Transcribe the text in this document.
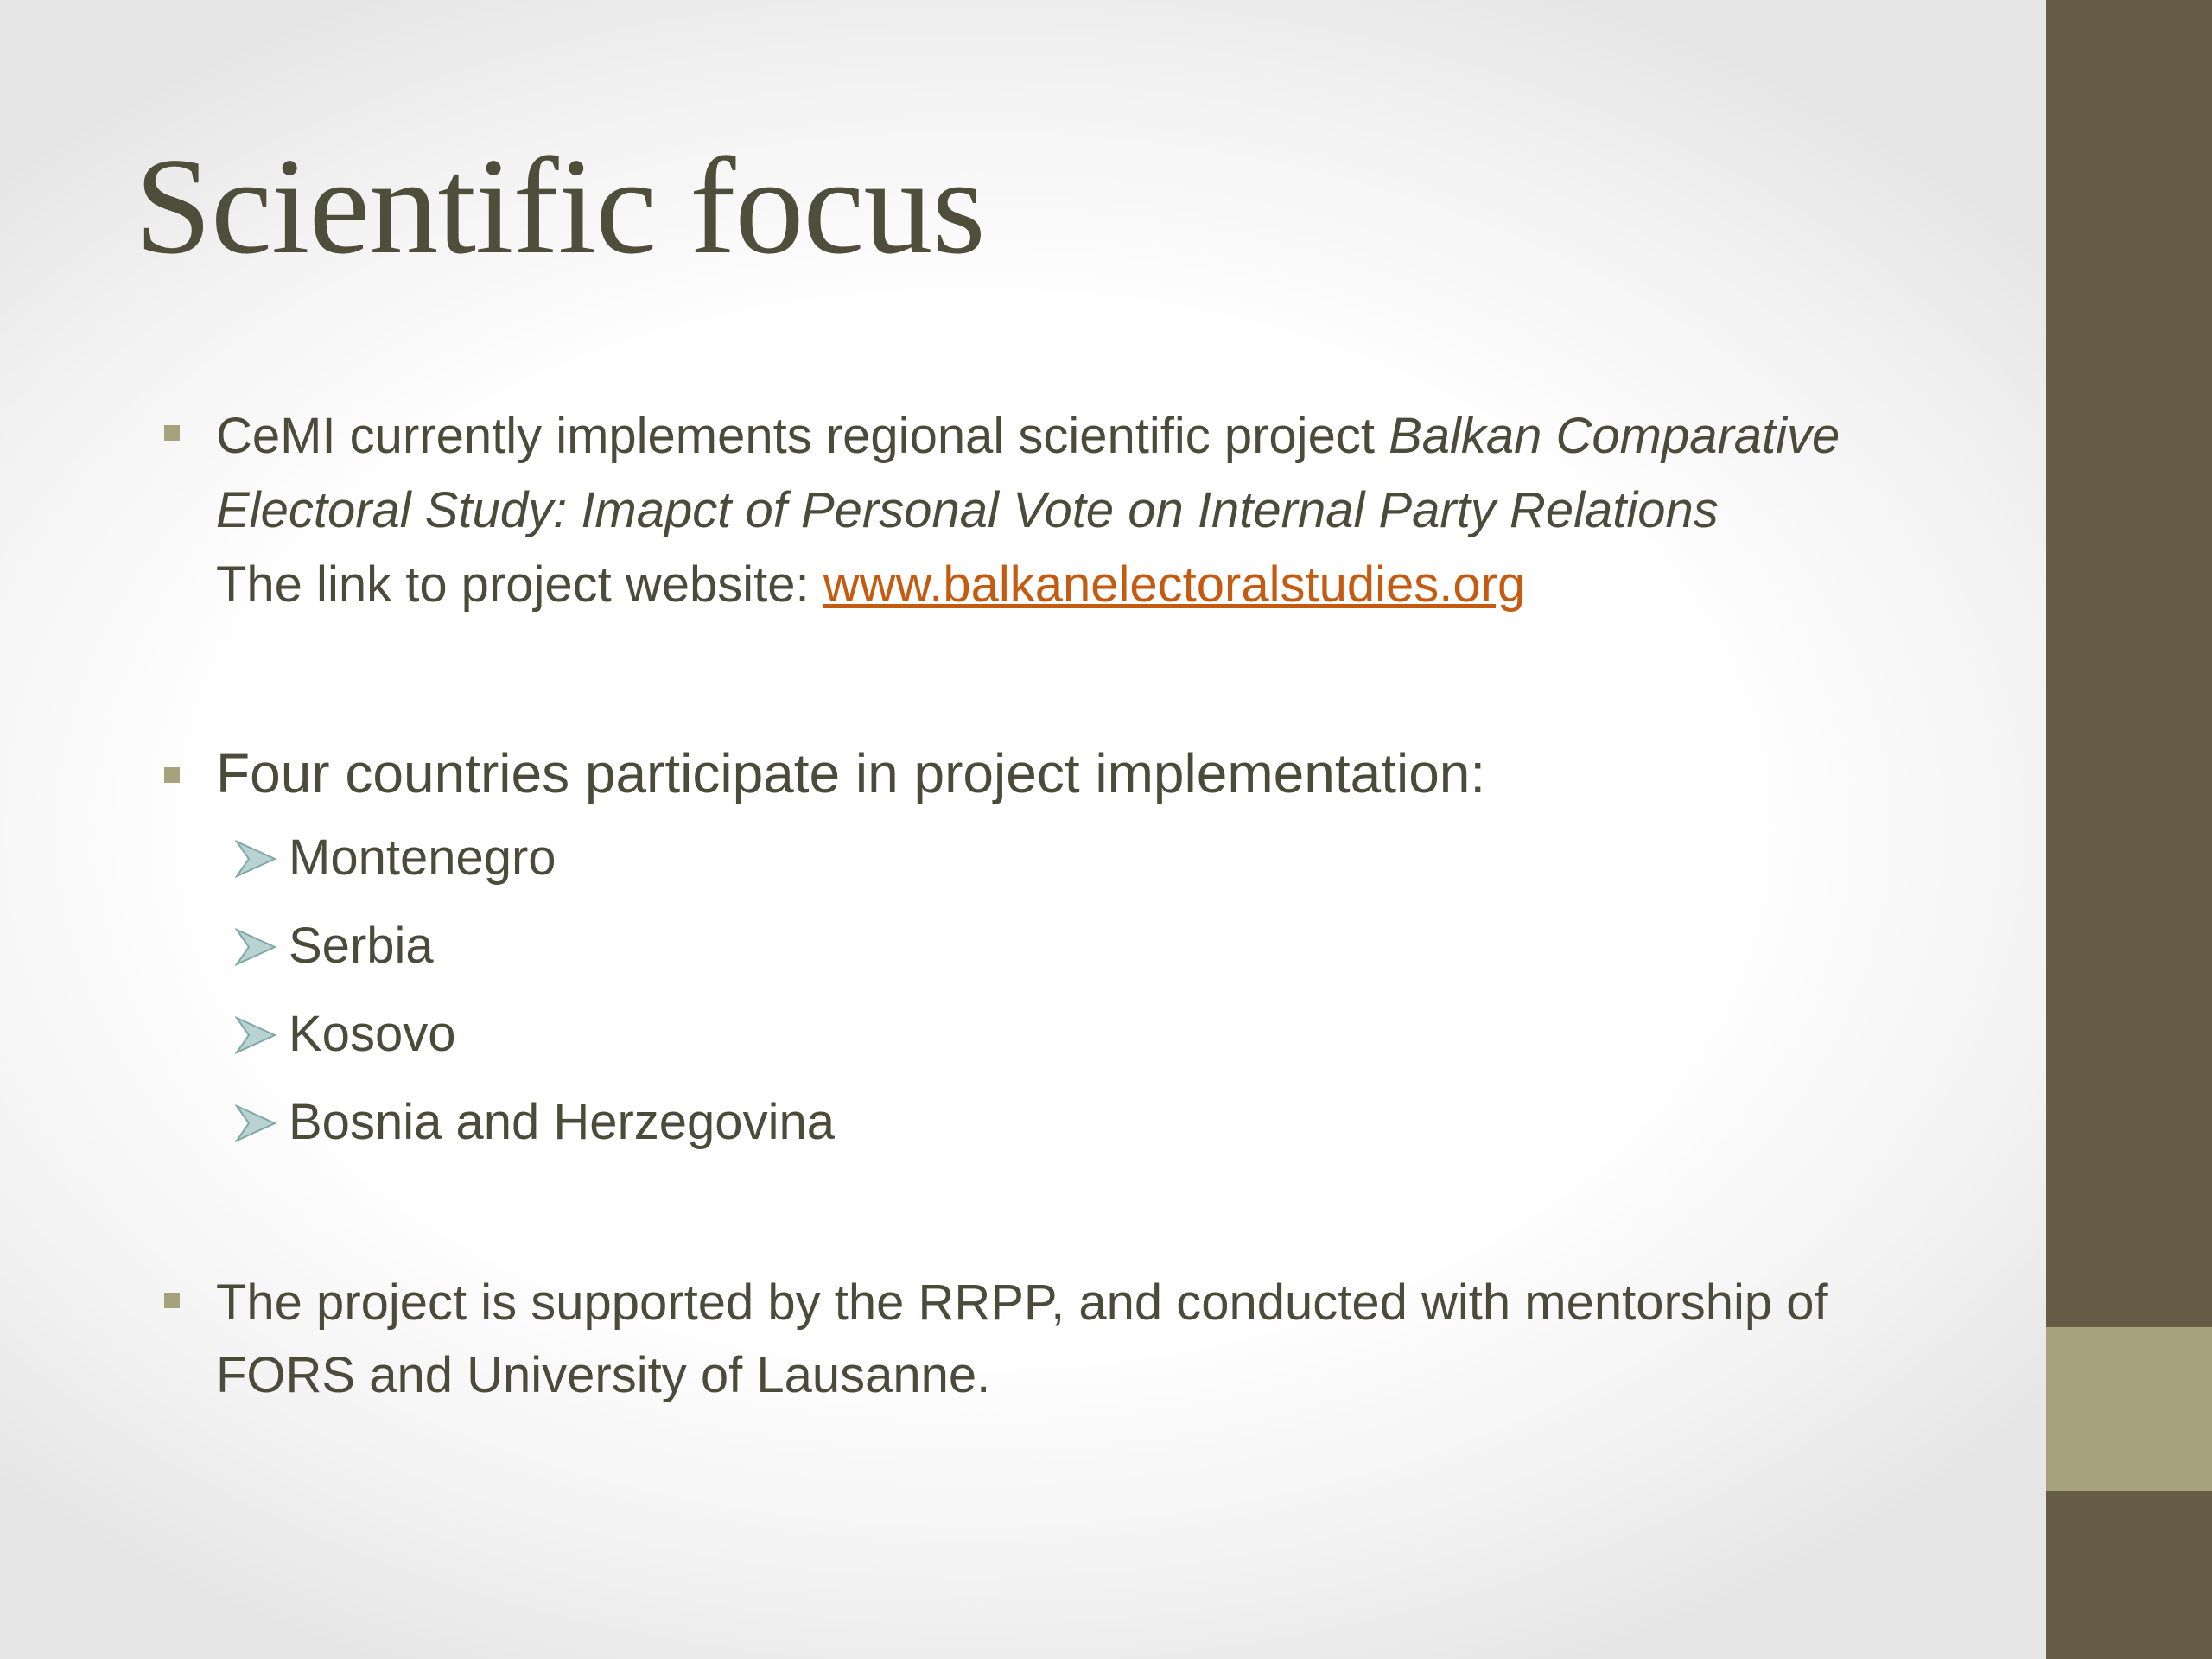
Scientific focus
CeMI currently implements regional scientific project Balkan Comparative Electoral Study: Imapct of Personal Vote on Internal Party Relations
The link to project website: www.balkanelectoralstudies.org
Four countries participate in project implementation:
Montenegro
Serbia
Kosovo
Bosnia and Herzegovina
The project is supported by the RRPP, and conducted with mentorship of FORS and University of Lausanne.
